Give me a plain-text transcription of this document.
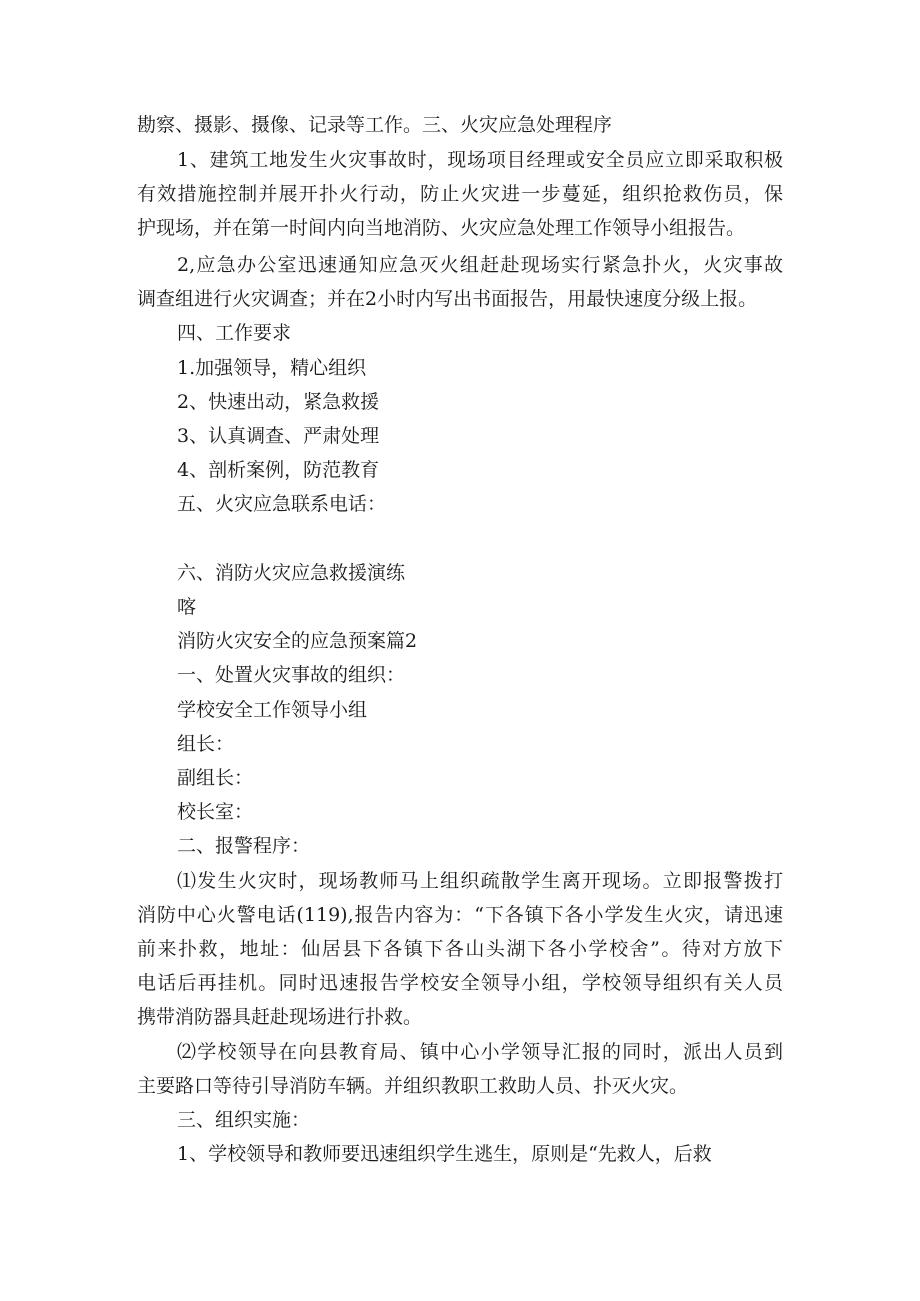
勘察、摄影、摄像、记录等工作。三、火灾应急处理程序
1、建筑工地发生火灾事故时，现场项目经理或安全员应立即采取积极
有效措施控制并展开扑火行动，防止火灾进一步蔓延，组织抢救伤员，保
护现场，并在第一时间内向当地消防、火灾应急处理工作领导小组报告。
2,应急办公室迅速通知应急灭火组赶赴现场实行紧急扑火，火灾事故
调查组进行火灾调查；并在2小时内写出书面报告，用最快速度分级上报。
四、工作要求
1.加强领导，精心组织
2、快速出动，紧急救援
3、认真调查、严肃处理
4、剖析案例，防范教育
五、火灾应急联系电话：
六、消防火灾应急救援演练
喀
消防火灾安全的应急预案篇2
一、处置火灾事故的组织：
学校安全工作领导小组
组长：
副组长：
校长室：
二、报警程序：
⑴发生火灾时，现场教师马上组织疏散学生离开现场。立即报警拨打
消防中心火警电话(119),报告内容为：“下各镇下各小学发生火灾，请迅速
前来扑救，地址：仙居县下各镇下各山头湖下各小学校舍”。待对方放下
电话后再挂机。同时迅速报告学校安全领导小组，学校领导组织有关人员
携带消防器具赶赴现场进行扑救。
⑵学校领导在向县教育局、镇中心小学领导汇报的同时，派出人员到
主要路口等待引导消防车辆。并组织教职工救助人员、扑灭火灾。
三、组织实施：
1、学校领导和教师要迅速组织学生逃生，原则是“先救人，后救
